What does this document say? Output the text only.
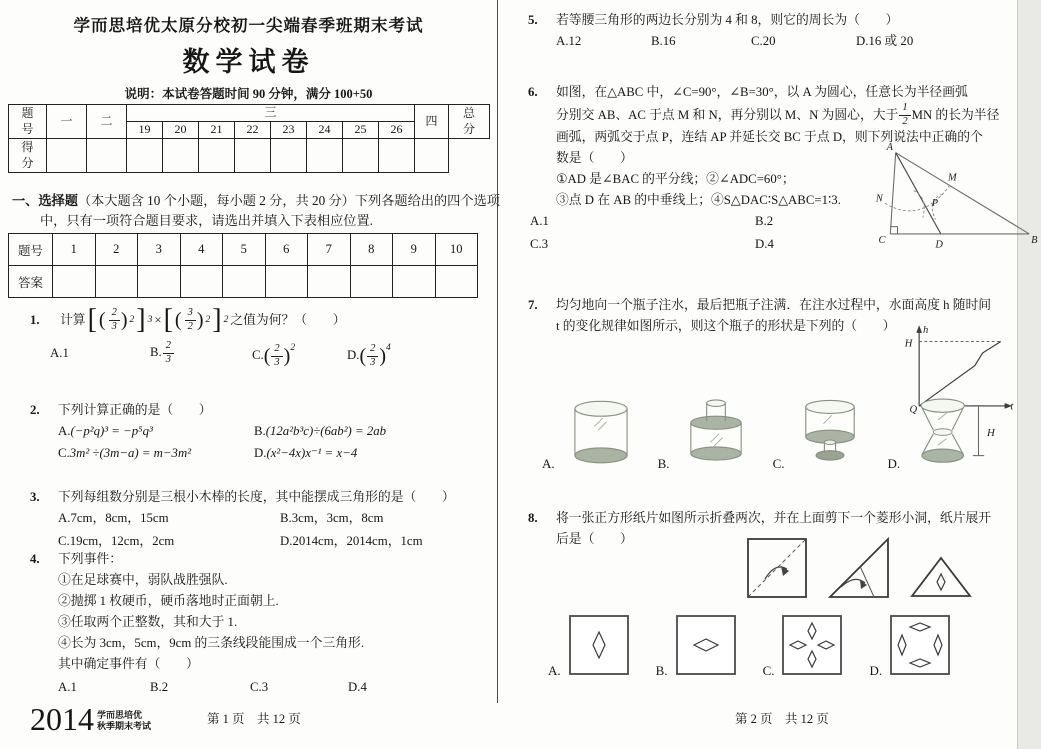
学而思培优太原分校初一尖端春季班期末考试
数学试卷
说明：本试卷答题时间 90 分钟，满分 100+50
题号	一	二	三								四	总分
			19	20	21	22	23	24	25	26		
得分												
一、选择题（本大题含 10 个小题，每小题 2 分，共 20 分）下列各题给出的四个选项中，只有一项符合题目要求，请选出并填入下表相应位置.
题号	1	2	3	4	5	6	7	8	9	10
答案										
1.	计算 [ ( $\frac{2}{3}$ ) 2 ] 3 × [ ( $\frac{3}{2}$ ) 2 ] 2 之值为何？（　　）
A.1	B. $\frac{2}{3}$	$C.( \frac{2}{3} )^2$	$D.( \frac{2}{3} )^4$
2. 下列计算正确的是（　　）
A.(−p²q)³ = −p⁵q³	B.(12a²b³c)÷(6ab²) = 2ab
C.3m² ÷(3m−a) = m−3m²	D.(x²−4x)x⁻¹ = x−4
3. 下列每组数分别是三根小木棒的长度，其中能摆成三角形的是（　　）
A.7cm，8cm，15cm	B.3cm，3cm，8cm
C.19cm，12cm，2cm	D.2014cm，2014cm，1cm
4. 下列事件：
①在足球赛中，弱队战胜强队.
②抛掷 1 枚硬币，硬币落地时正面朝上.
③任取两个正整数，其和大于 1.
④长为 3cm，5cm，9cm 的三条线段能围成一个三角形.
其中确定事件有（　　）
A.1	B.2	C.3	D.4
2014 学而思培优
秋季期末考试
第 1 页　共 12 页
5. 若等腰三角形的两边长分别为 4 和 8，则它的周长为（　　）
A.12	B.16	C.20	D.16 或 20
6. 如图，在△ABC 中，∠C=90°，∠B=30°，以 A 为圆心，任意长为半径画弧
分别交 AB、AC 于点 M 和 N，再分别以 M、N 为圆心，大于 $\frac{1}{2}$ MN 的长为半径
画弧，两弧交于点 P，连结 AP 并延长交 BC 于点 D，则下列说法中正确的个
数是（　　）
①AD 是∠BAC 的平分线；②∠ADC=60°；
③点 D 在 AB 的中垂线上；④S△DAC∶S△ABC=1∶3.
A.1	B.2
C.3	D.4
A
M
N	P
C	D	B
7. 均匀地向一个瓶子注水，最后把瓶子注满．在注水过程中，水面高度 h 随时间
t 的变化规律如图所示，则这个瓶子的形状是下列的（　　）	h
t
H
Q
A.	B.	C.	D.
H
8. 将一张正方形纸片如图所示折叠两次，并在上面剪下一个菱形小洞，纸片展开
后是（　　）
A.	B.	C.	D.
第 2 页　共 12 页
